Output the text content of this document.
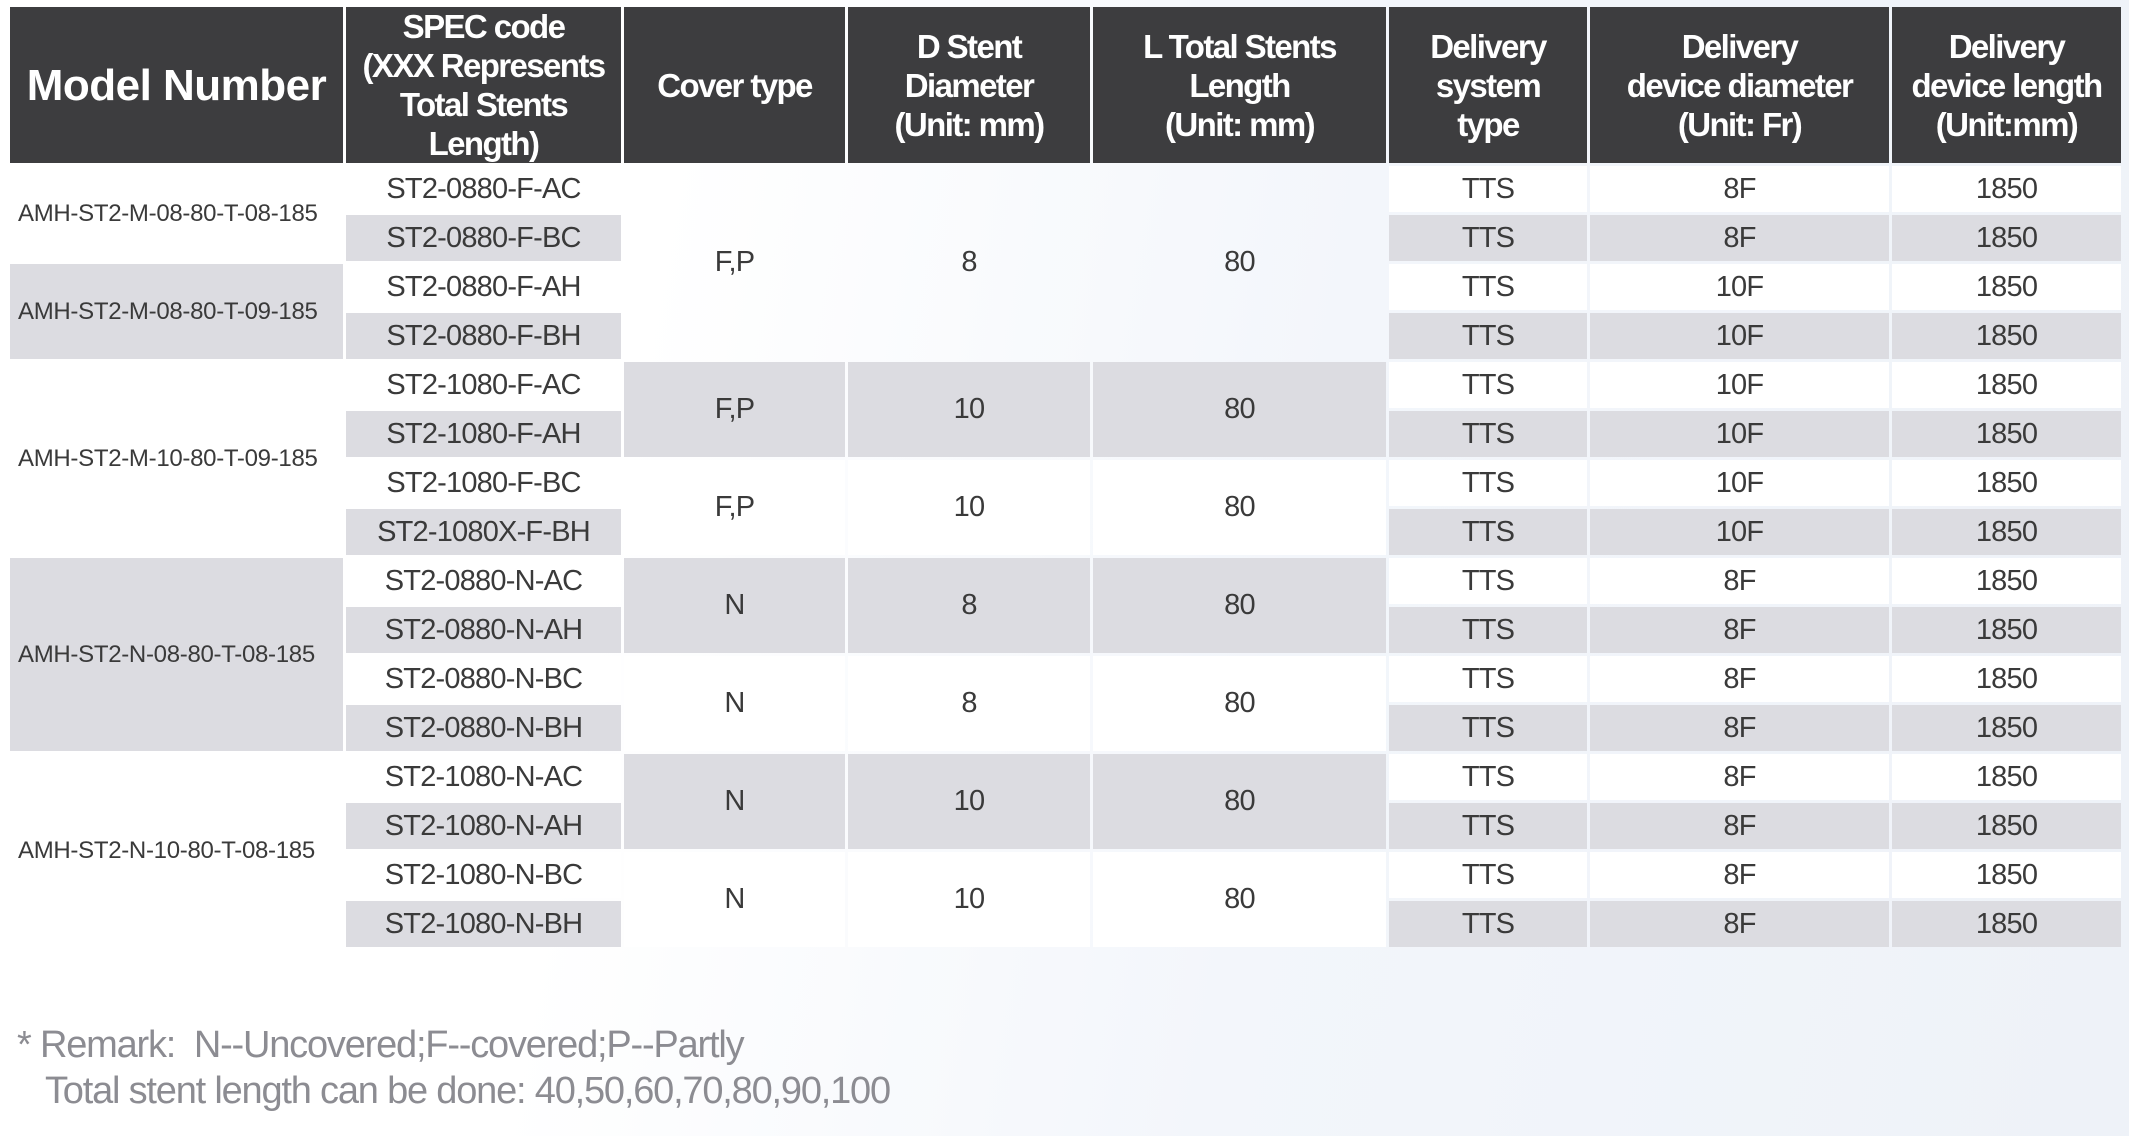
Model Number	SPEC code
(XXX Represents
Total Stents
Length)	Cover type	D Stent
Diameter
(Unit: mm)	L Total Stents
Length
(Unit: mm)	Delivery
system
type	Delivery
device diameter
(Unit: Fr)	Delivery
device length
(Unit:mm)
AMH-ST2-M-08-80-T-08-185	ST2-0880-F-AC	F,P	8	80	TTS	8F	1850
	ST2-0880-F-BC				TTS	8F	1850
AMH-ST2-M-08-80-T-09-185	ST2-0880-F-AH				TTS	10F	1850
	ST2-0880-F-BH				TTS	10F	1850
AMH-ST2-M-10-80-T-09-185	ST2-1080-F-AC	F,P	10	80	TTS	10F	1850
	ST2-1080-F-AH				TTS	10F	1850
	ST2-1080-F-BC	F,P	10	80	TTS	10F	1850
	ST2-1080X-F-BH				TTS	10F	1850
AMH-ST2-N-08-80-T-08-185	ST2-0880-N-AC	N	8	80	TTS	8F	1850
	ST2-0880-N-AH				TTS	8F	1850
	ST2-0880-N-BC	N	8	80	TTS	8F	1850
	ST2-0880-N-BH				TTS	8F	1850
AMH-ST2-N-10-80-T-08-185	ST2-1080-N-AC	N	10	80	TTS	8F	1850
	ST2-1080-N-AH				TTS	8F	1850
	ST2-1080-N-BC	N	10	80	TTS	8F	1850
	ST2-1080-N-BH				TTS	8F	1850
* Remark:  N--Uncovered;F--covered;P--Partly
Total stent length can be done: 40,50,60,70,80,90,100
